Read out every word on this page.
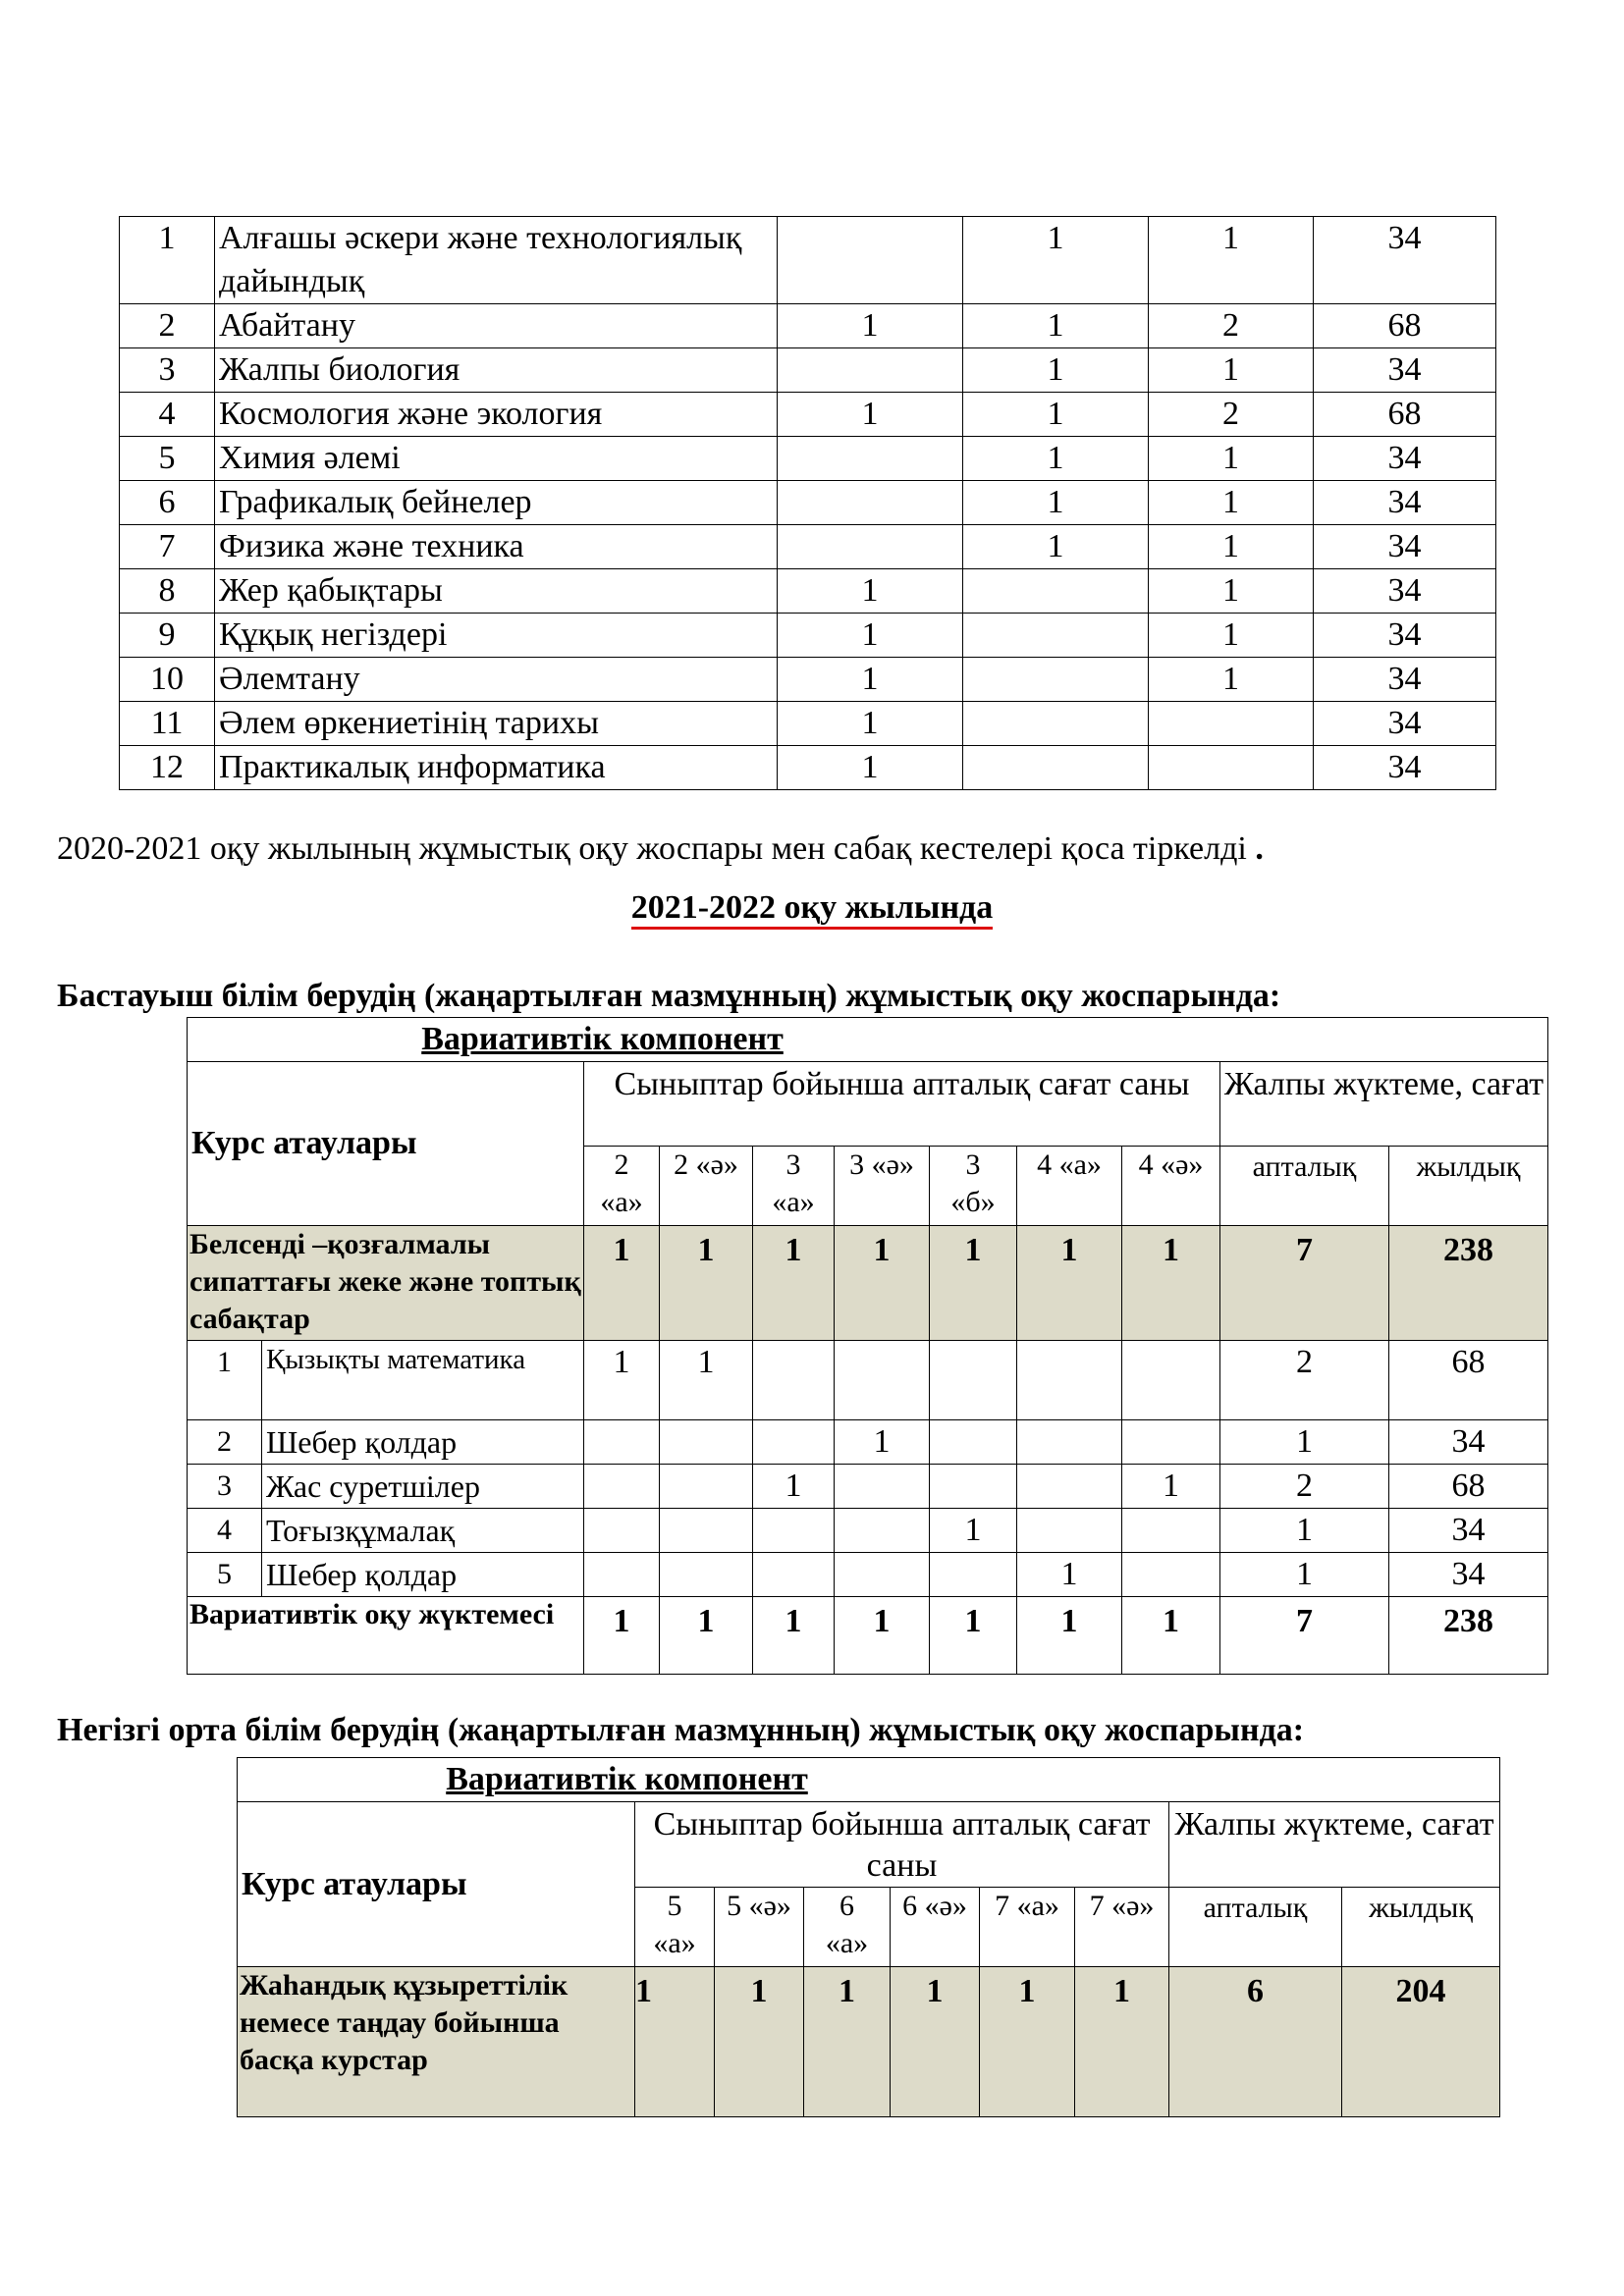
1	Алғашы әскери және технологиялық дайындық		1	1	34
2	Абайтану	1	1	2	68
3	Жалпы биология		1	1	34
4	Космология және экология	1	1	2	68
5	Химия әлемі		1	1	34
6	Графикалық бейнелер		1	1	34
7	Физика және техника		1	1	34
8	Жер қабықтары	1		1	34
9	Құқық негіздері	1		1	34
10	Әлемтану	1		1	34
11	Әлем өркениетінің тарихы	1			34
12	Практикалық информатика	1			34
2020-2021 оқу жылының жұмыстық оқу жоспары мен сабақ кестелері қоса тіркелді .
2021-2022 оқу жылында
Бастауыш білім берудің (жаңартылған мазмұнның) жұмыстық оқу жоспарында:
Вариативтік компонент										
Курс атаулары		Сыныптар бойынша апталық сағат саны							Жалпы жүктеме, сағат	
		2 «а»	2 «ә»	3 «а»	3 «ә»	3 «б»	4 «а»	4 «ә»	апталық	жылдық
Белсенді –қозғалмалы сипаттағы жеке және топтық сабақтар		1	1	1	1	1	1	1	7	238
1	Қызықты математика	1	1						2	68
2	Шебер қолдар				1				1	34
3	Жас суретшілер			1				1	2	68
4	Тоғызқұмалақ					1			1	34
5	Шебер қолдар						1		1	34
Вариативтік оқу жүктемесі		1	1	1	1	1	1	1	7	238
Негізгі орта білім берудің (жаңартылған мазмұнның) жұмыстық оқу жоспарында:
Вариативтік компонент								
Курс атаулары	Сыныптар бойынша апталық сағат саны						Жалпы жүктеме, сағат	
	5 «а»	5 «ә»	6 «а»	6 «ә»	7 «а»	7 «ә»	апталық	жылдық
Жаһандық құзыреттілік немесе таңдау бойынша басқа курстар	1	1	1	1	1	1	6	204
